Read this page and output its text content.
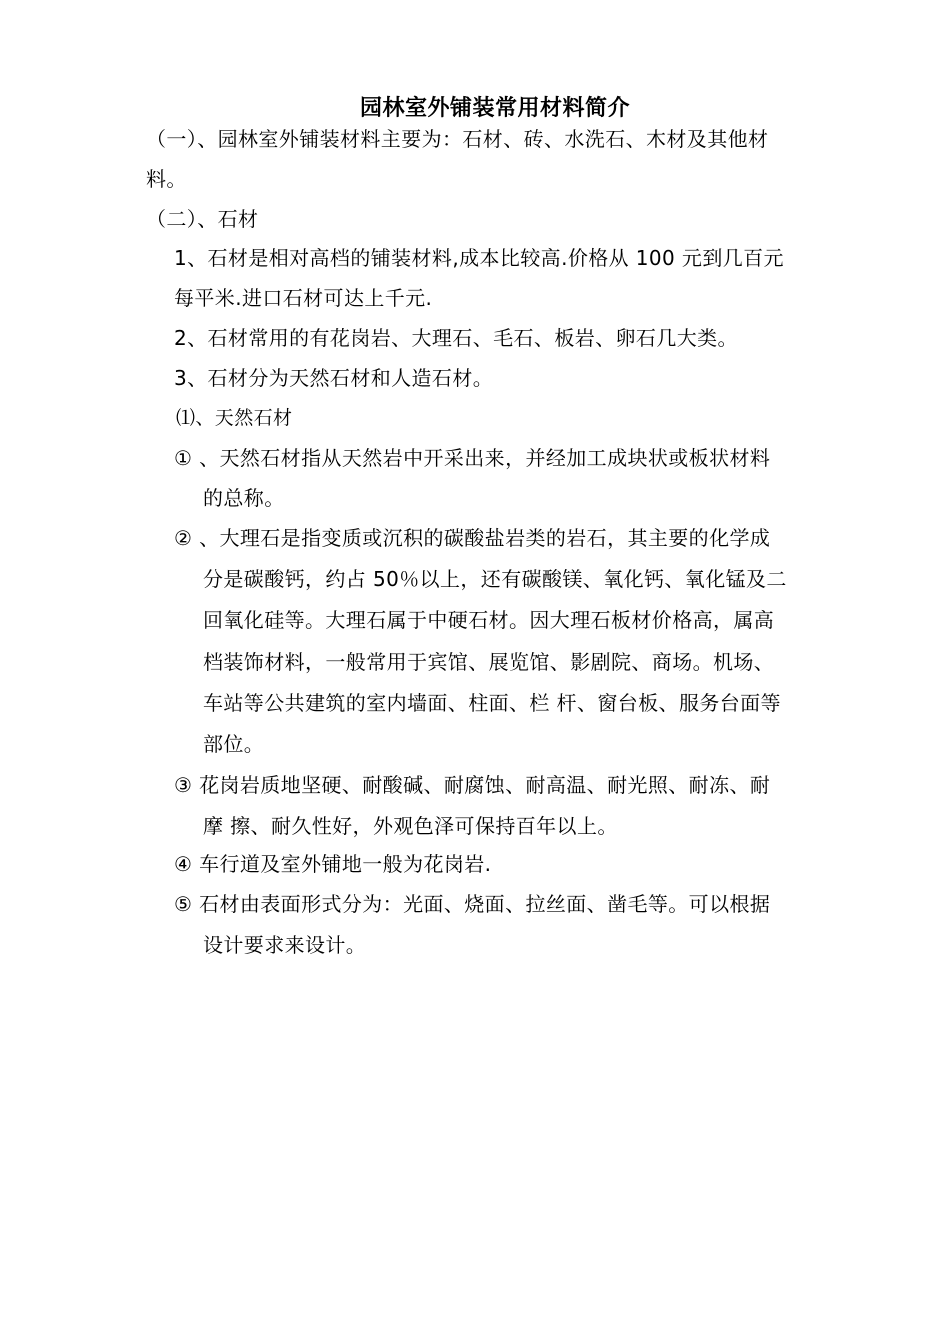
园林室外铺装常用材料简介
（一）、园林室外铺装材料主要为：石材、砖、水洗石、木材及其他材
料。
（二）、石材
1、石材是相对高档的铺装材料,成本比较高.价格从 100 元到几百元
每平米.进口石材可达上千元.
2、石材常用的有花岗岩、大理石、毛石、板岩、卵石几大类。
3、石材分为天然石材和人造石材。
⑴、天然石材
① 、天然石材指从天然岩中开采出来，并经加工成块状或板状材料
的总称。
② 、大理石是指变质或沉积的碳酸盐岩类的岩石，其主要的化学成
分是碳酸钙，约占 50％以上，还有碳酸镁、氧化钙、氧化锰及二
回氧化硅等。大理石属于中硬石材。因大理石板材价格高，属高
档装饰材料，一般常用于宾馆、展览馆、影剧院、商场。机场、
车站等公共建筑的室内墙面、柱面、栏 杆、窗台板、服务台面等
部位。
③ 花岗岩质地坚硬、耐酸碱、耐腐蚀、耐高温、耐光照、耐冻、耐
摩 擦、耐久性好，外观色泽可保持百年以上。
④ 车行道及室外铺地一般为花岗岩.
⑤ 石材由表面形式分为：光面、烧面、拉丝面、凿毛等。可以根据
设计要求来设计。
